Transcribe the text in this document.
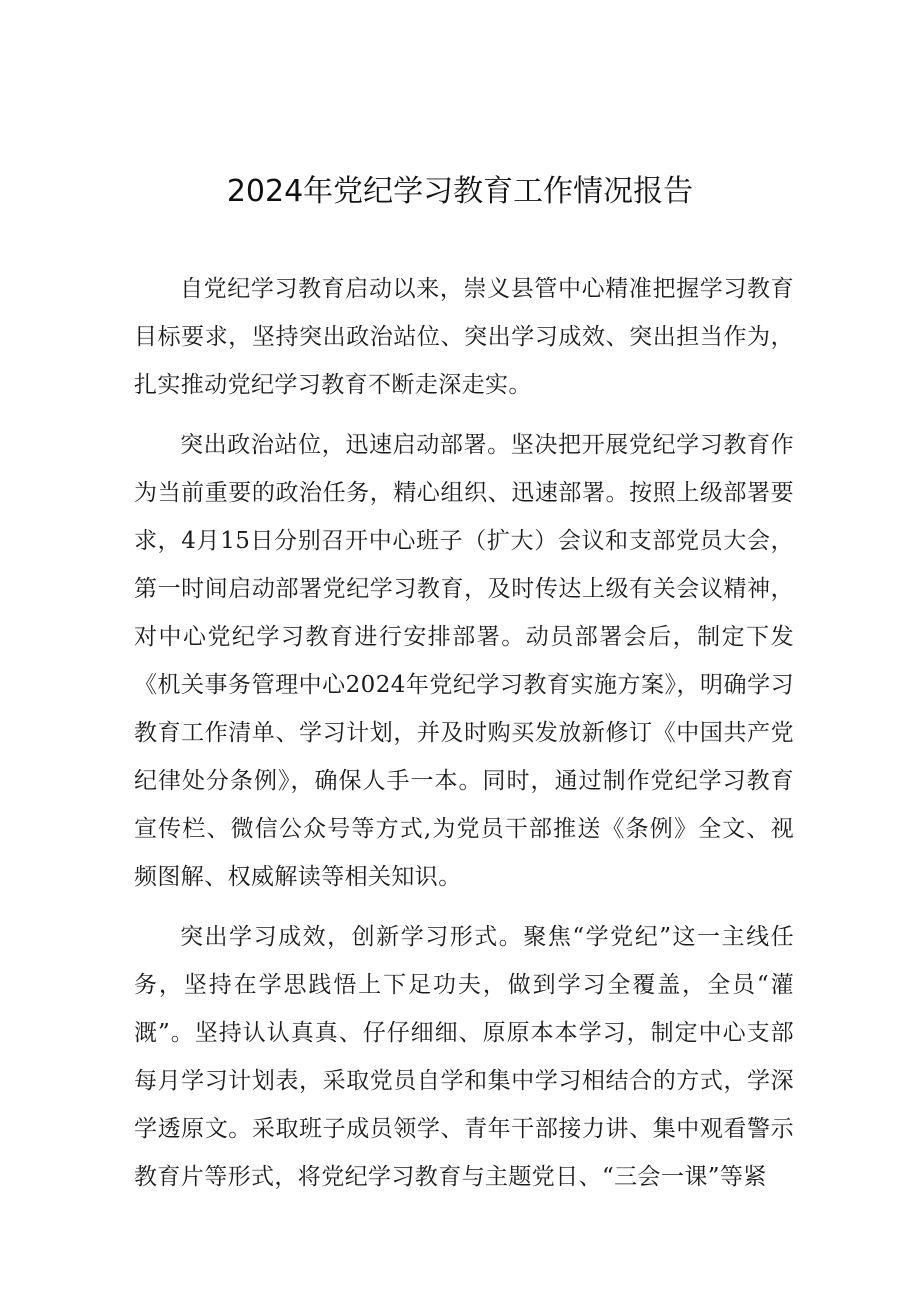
2024年党纪学习教育工作情况报告

自党纪学习教育启动以来，崇义县管中心精准把握学习教育目标要求，坚持突出政治站位、突出学习成效、突出担当作为，扎实推动党纪学习教育不断走深走实。

突出政治站位，迅速启动部署。坚决把开展党纪学习教育作为当前重要的政治任务，精心组织、迅速部署。按照上级部署要求，4月15日分别召开中心班子（扩大）会议和支部党员大会，第一时间启动部署党纪学习教育，及时传达上级有关会议精神，对中心党纪学习教育进行安排部署。动员部署会后，制定下发《机关事务管理中心2024年党纪学习教育实施方案》，明确学习教育工作清单、学习计划，并及时购买发放新修订《中国共产党纪律处分条例》，确保人手一本。同时，通过制作党纪学习教育宣传栏、微信公众号等方式,为党员干部推送《条例》全文、视频图解、权威解读等相关知识。

突出学习成效，创新学习形式。聚焦“学党纪”这一主线任务，坚持在学思践悟上下足功夫，做到学习全覆盖，全员“灌溉”。坚持认认真真、仔仔细细、原原本本学习，制定中心支部每月学习计划表，采取党员自学和集中学习相结合的方式，学深学透原文。采取班子成员领学、青年干部接力讲、集中观看警示教育片等形式，将党纪学习教育与主题党日、“三会一课”等紧
